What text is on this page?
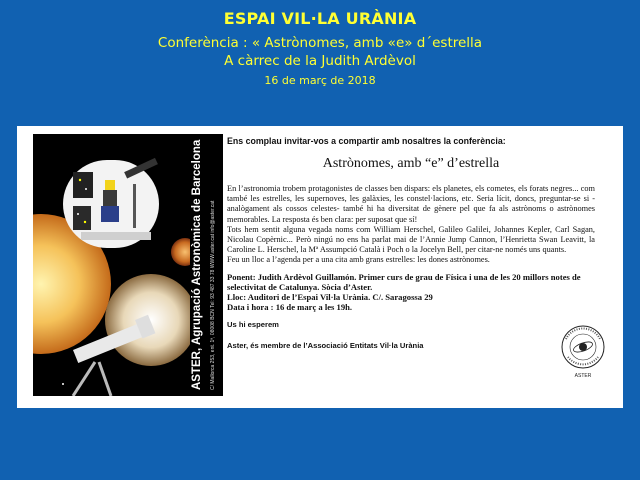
ESPAI VIL·LA URÀNIA
Conferència : « Astrònomes, amb «e» d´estrella
A càrrec de la Judith Ardèvol
16 de març de 2018
ASTER, Agrupació Astronòmica de Barcelona C/ Mallorca 253, ent. 1ª, 08008 BCN Tel: 93 487 33 78 WWW.aster.cat info@aster.cat

Ens complau invitar-vos a compartir amb nosaltres la conferència:

Astrònomes, amb “e” d’estrella

En l’astronomia trobem protagonistes de classes ben dispars: els planetes, els cometes, els forats negres... com també les estrelles, les supernoves, les galàxies, les constel·lacions, etc. Seria lícit, doncs, preguntar-se si -analògament als cossos celestes- també hi ha diversitat de gènere pel que fa als astrònoms o astrònomes memorables. La resposta és ben clara: per suposat que sí!

Tots hem sentit alguna vegada noms com William Herschel, Galileo Galilei, Johannes Kepler, Carl Sagan, Nicolau Copèrnic... Però ningú no ens ha parlat mai de l’Annie Jump Cannon, l’Henrietta Swan Leavitt, la Caroline L. Herschel, la Mª Assumpció Català i Poch o la Jocelyn Bell, per citar-ne només uns quants.

Feu un lloc a l’agenda per a una cita amb grans estrelles: les dones astrònomes.

Ponent: Judith Ardèvol Guillamón. Primer curs de grau de Física i una de les 20 millors notes de selectivitat de Catalunya. Sòcia d’Aster.

Lloc: Auditori de l’Espai Vil·la Urània. C/. Saragossa 29

Data i hora : 16 de març a les 19h.

Us hi esperem

Aster, és membre de l’Associació Entitats Vil·la Urània

ASTER
